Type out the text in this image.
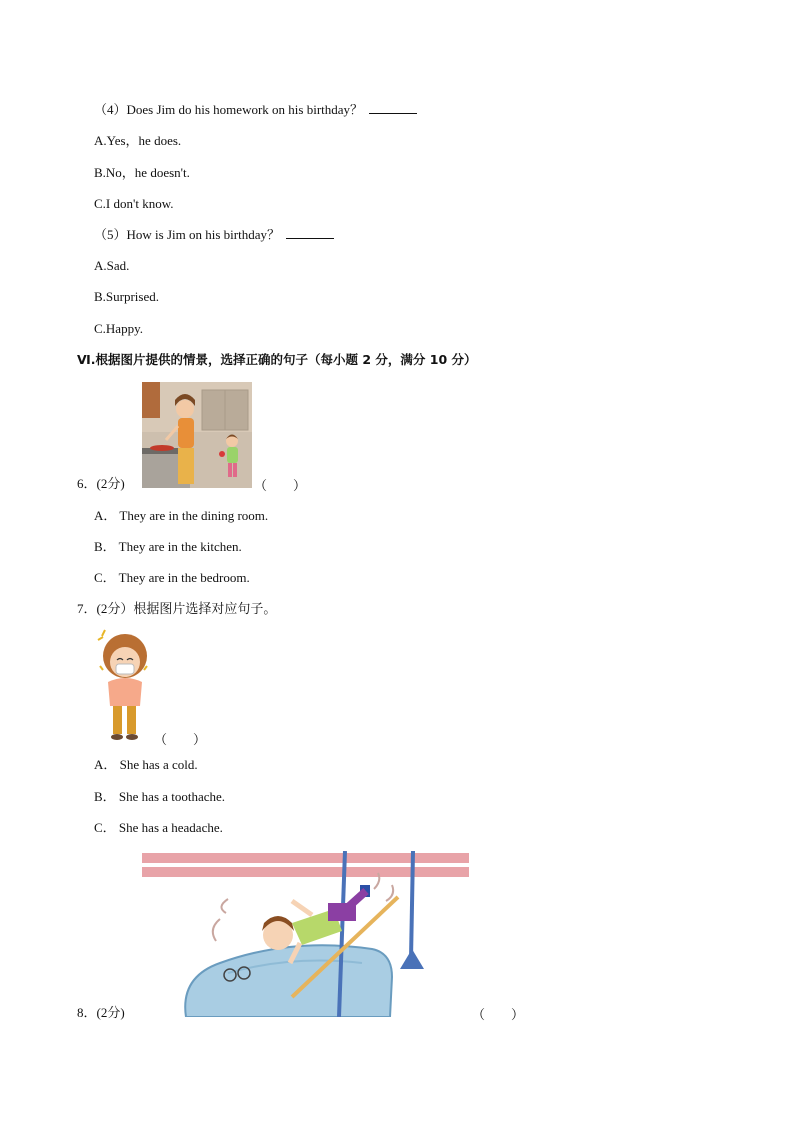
（4）Does Jim do his homework on his birthday？
A.Yes，he does.
B.No，he doesn't.
C.I don't know.
（5）How is Jim on his birthday？
A.Sad.
B.Surprised.
C.Happy.
Ⅵ.根据图片提供的情景，选择正确的句子（每小题 2 分，满分 10 分）
6．(2分)	（　　）
A． They are in the dining room.
B． They are in the kitchen.
C． They are in the bedroom.
7．(2分）根据图片选择对应句子。
（　　）
A． She has a cold.
B． She has a toothache.
C． She has a headache.
8．(2分)	（　　）
